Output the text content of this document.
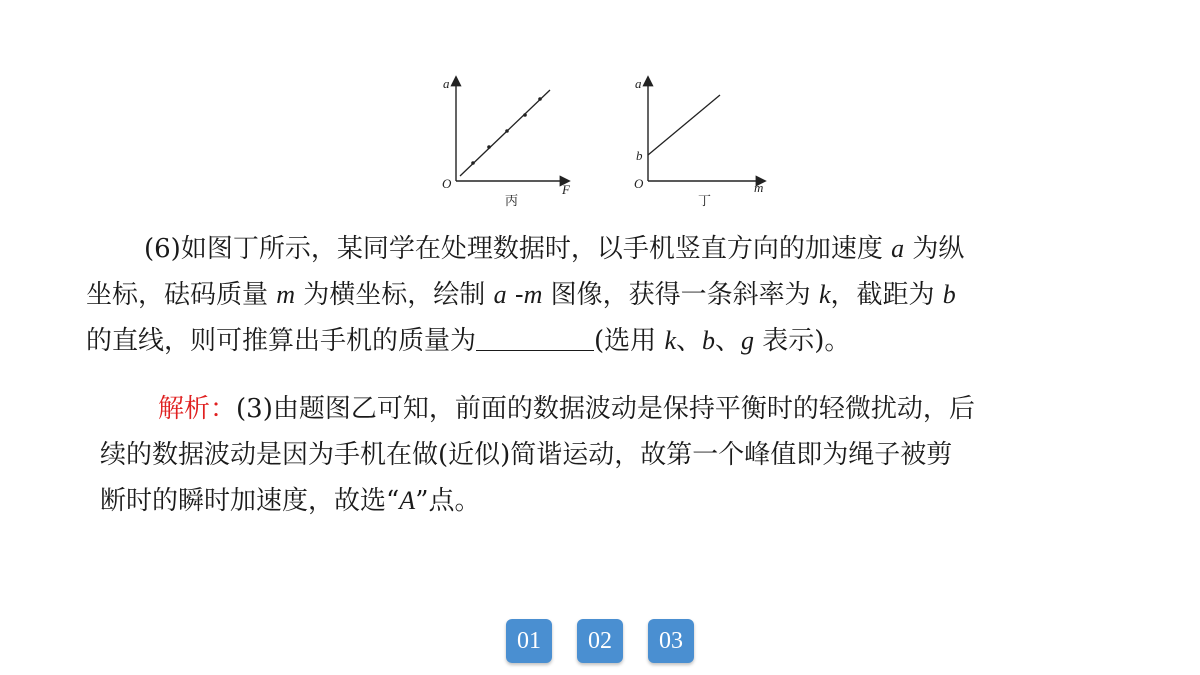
a
F
O
丙
a
b
m
O
丁
(6)如图丁所示，某同学在处理数据时，以手机竖直方向的加速度 a 为纵
坐标，砝码质量 m 为横坐标，绘制 a -m 图像，获得一条斜率为 k，截距为 b
的直线，则可推算出手机的质量为	(选用 k、b、g 表示)。
解析：(3)由题图乙可知，前面的数据波动是保持平衡时的轻微扰动，后
续的数据波动是因为手机在做(近似)简谐运动，故第一个峰值即为绳子被剪
断时的瞬时加速度，故选“A”点。
01	02	03
